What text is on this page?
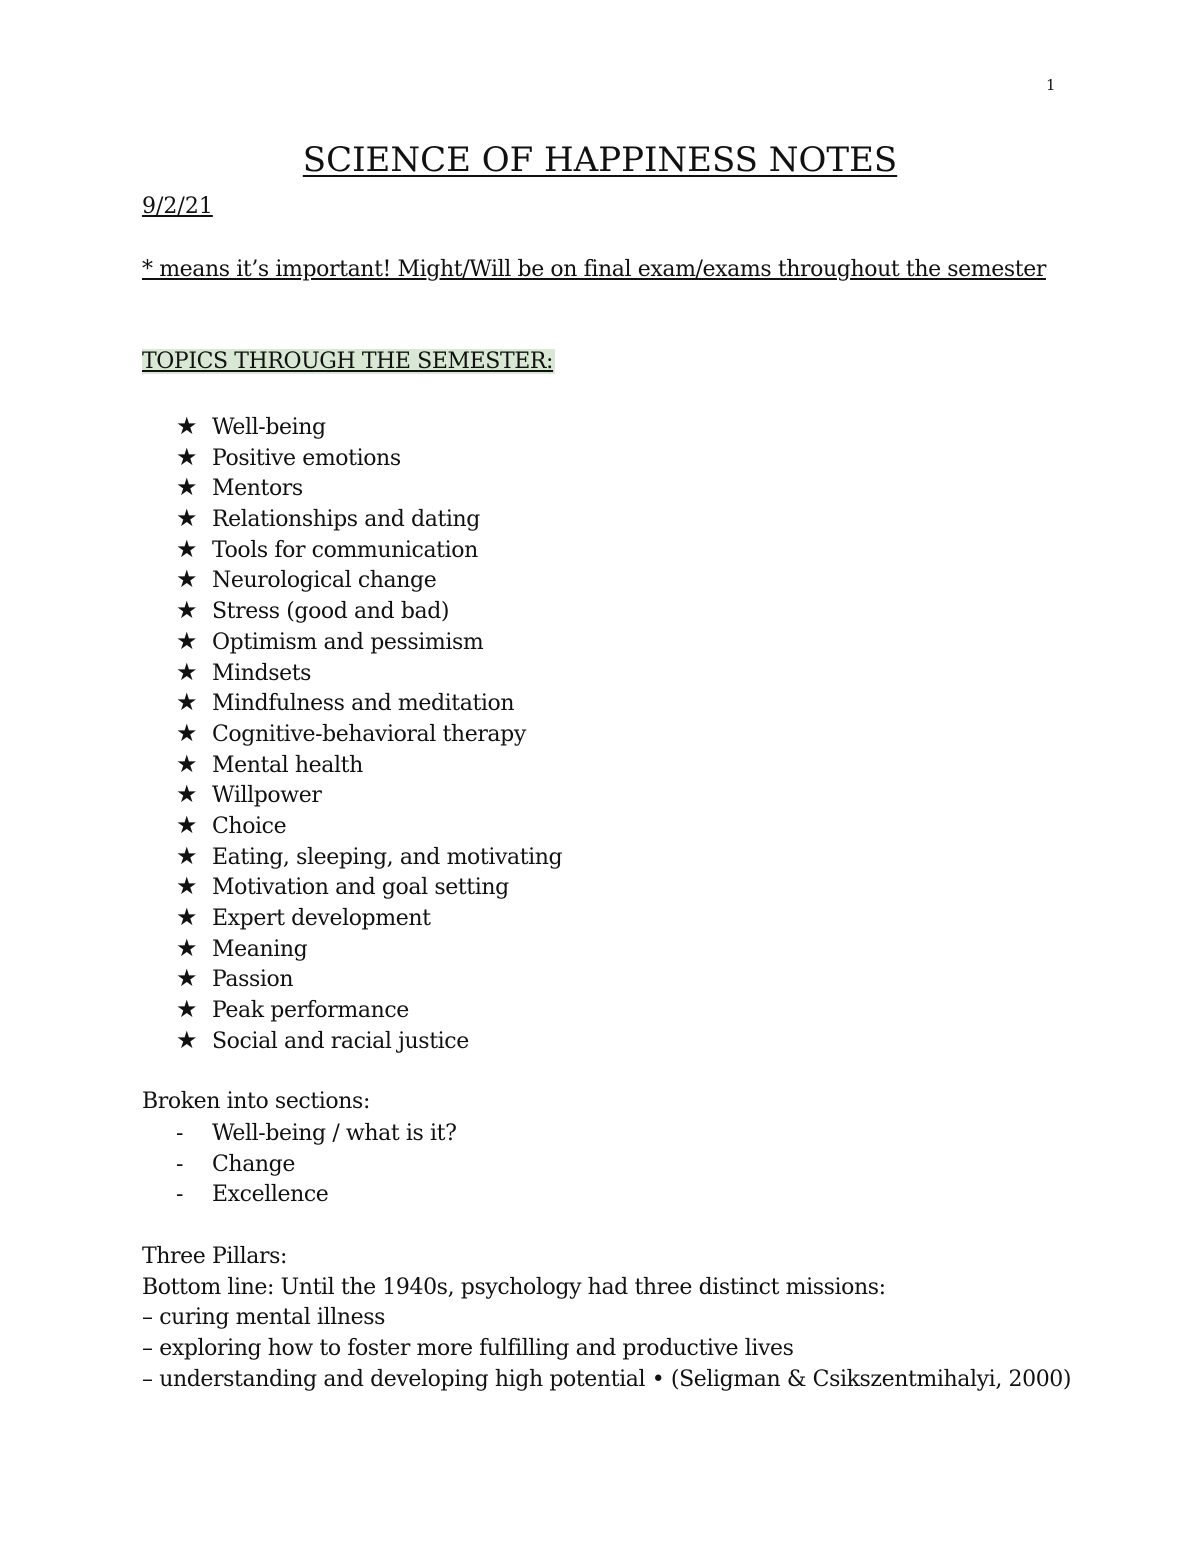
1
SCIENCE OF HAPPINESS NOTES
9/2/21
* means it’s important! Might/Will be on final exam/exams throughout the semester
TOPICS THROUGH THE SEMESTER:
★ Well-being
★ Positive emotions
★ Mentors
★ Relationships and dating
★ Tools for communication
★ Neurological change
★ Stress (good and bad)
★ Optimism and pessimism
★ Mindsets
★ Mindfulness and meditation
★ Cognitive-behavioral therapy
★ Mental health
★ Willpower
★ Choice
★ Eating, sleeping, and motivating
★ Motivation and goal setting
★ Expert development
★ Meaning
★ Passion
★ Peak performance
★ Social and racial justice
Broken into sections:
- Well-being / what is it?
- Change
- Excellence
Three Pillars:
Bottom line: Until the 1940s, psychology had three distinct missions:
– curing mental illness
– exploring how to foster more fulfilling and productive lives
– understanding and developing high potential • (Seligman & Csikszentmihalyi, 2000)
